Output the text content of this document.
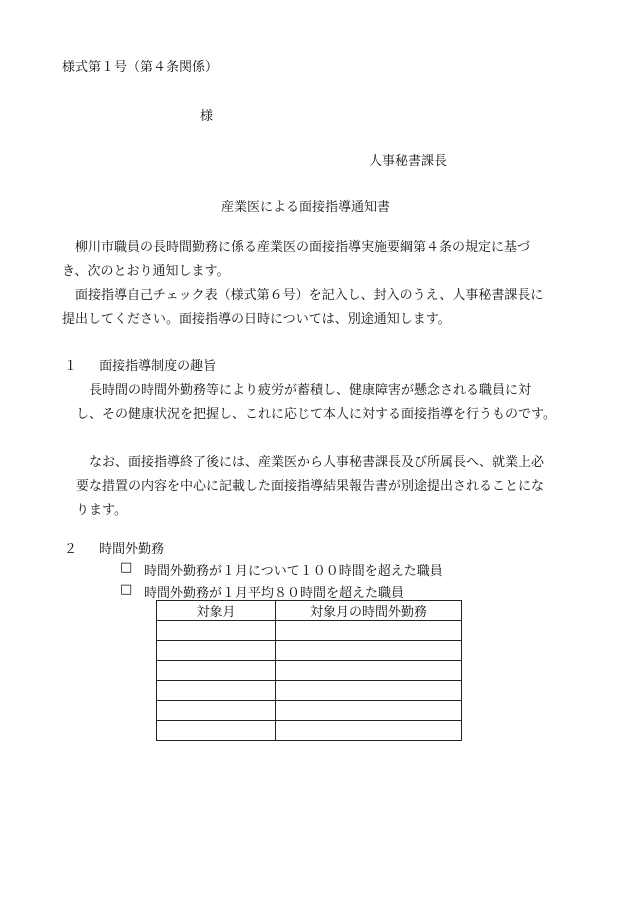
様式第１号（第４条関係）
様
人事秘書課長
産業医による面接指導通知書

柳川市職員の長時間勤務に係る産業医の面接指導実施要綱第４条の規定に基づき、次のとおり通知します。

面接指導自己チェック表（様式第６号）を記入し、封入のうえ、人事秘書課長に提出してください。面接指導の日時については、別途通知します。

１ 面接指導制度の趣旨

長時間の時間外勤務等により疲労が蓄積し、健康障害が懸念される職員に対し、その健康状況を把握し、これに応じて本人に対する面接指導を行うものです。

なお、面接指導終了後には、産業医から人事秘書課長及び所属長へ、就業上必要な措置の内容を中心に記載した面接指導結果報告書が別途提出されることになります。

２ 時間外勤務
□ 時間外勤務が１月について１００時間を超えた職員
□ 時間外勤務が１月平均８０時間を超えた職員
対象月	対象月の時間外勤務
